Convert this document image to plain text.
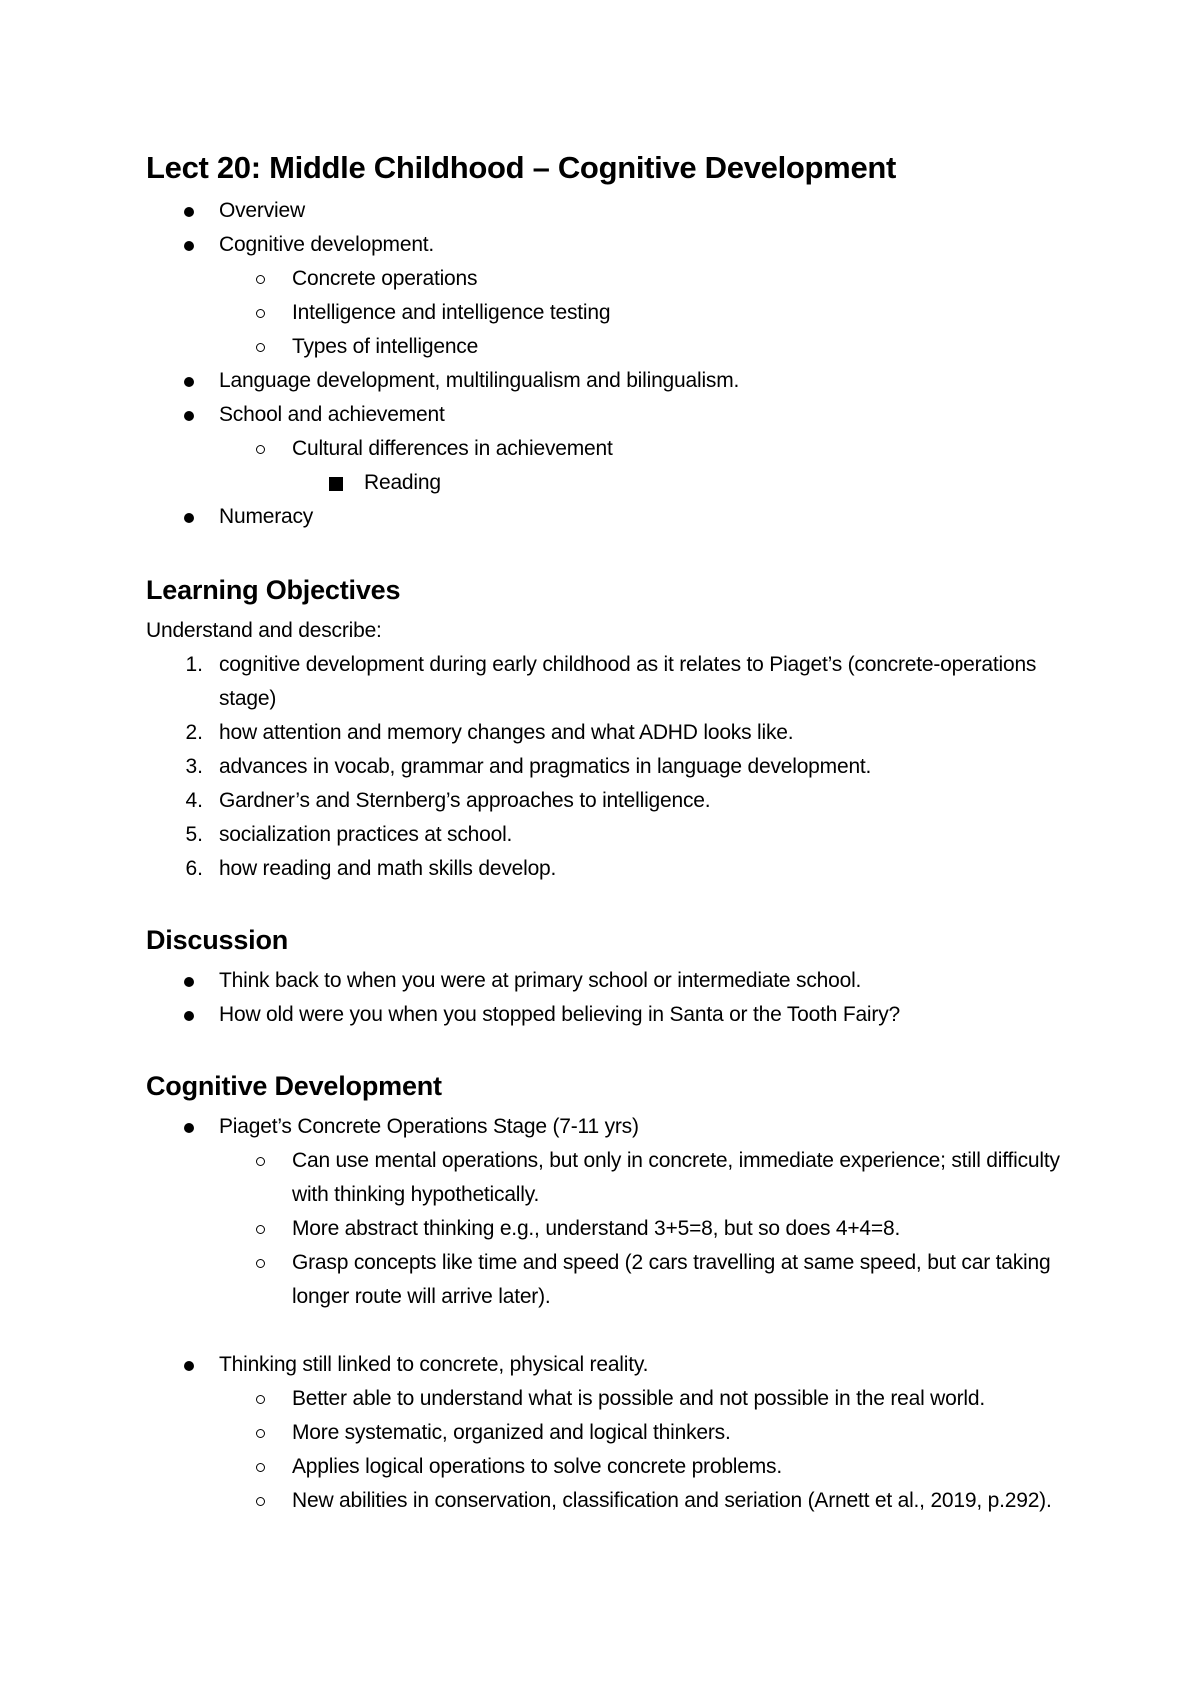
Lect 20: Middle Childhood – Cognitive Development
Overview
Cognitive development.
Concrete operations
Intelligence and intelligence testing
Types of intelligence
Language development, multilingualism and bilingualism.
School and achievement
Cultural differences in achievement
Reading
Numeracy
Learning Objectives
Understand and describe:
1. cognitive development during early childhood as it relates to Piaget’s (concrete-operations
stage)
2. how attention and memory changes and what ADHD looks like.
3. advances in vocab, grammar and pragmatics in language development.
4. Gardner’s and Sternberg’s approaches to intelligence.
5. socialization practices at school.
6. how reading and math skills develop.
Discussion
Think back to when you were at primary school or intermediate school.
How old were you when you stopped believing in Santa or the Tooth Fairy?
Cognitive Development
Piaget’s Concrete Operations Stage (7-11 yrs)
Can use mental operations, but only in concrete, immediate experience; still difficulty
with thinking hypothetically.
More abstract thinking e.g., understand 3+5=8, but so does 4+4=8.
Grasp concepts like time and speed (2 cars travelling at same speed, but car taking
longer route will arrive later).
Thinking still linked to concrete, physical reality.
Better able to understand what is possible and not possible in the real world.
More systematic, organized and logical thinkers.
Applies logical operations to solve concrete problems.
New abilities in conservation, classification and seriation (Arnett et al., 2019, p.292).
